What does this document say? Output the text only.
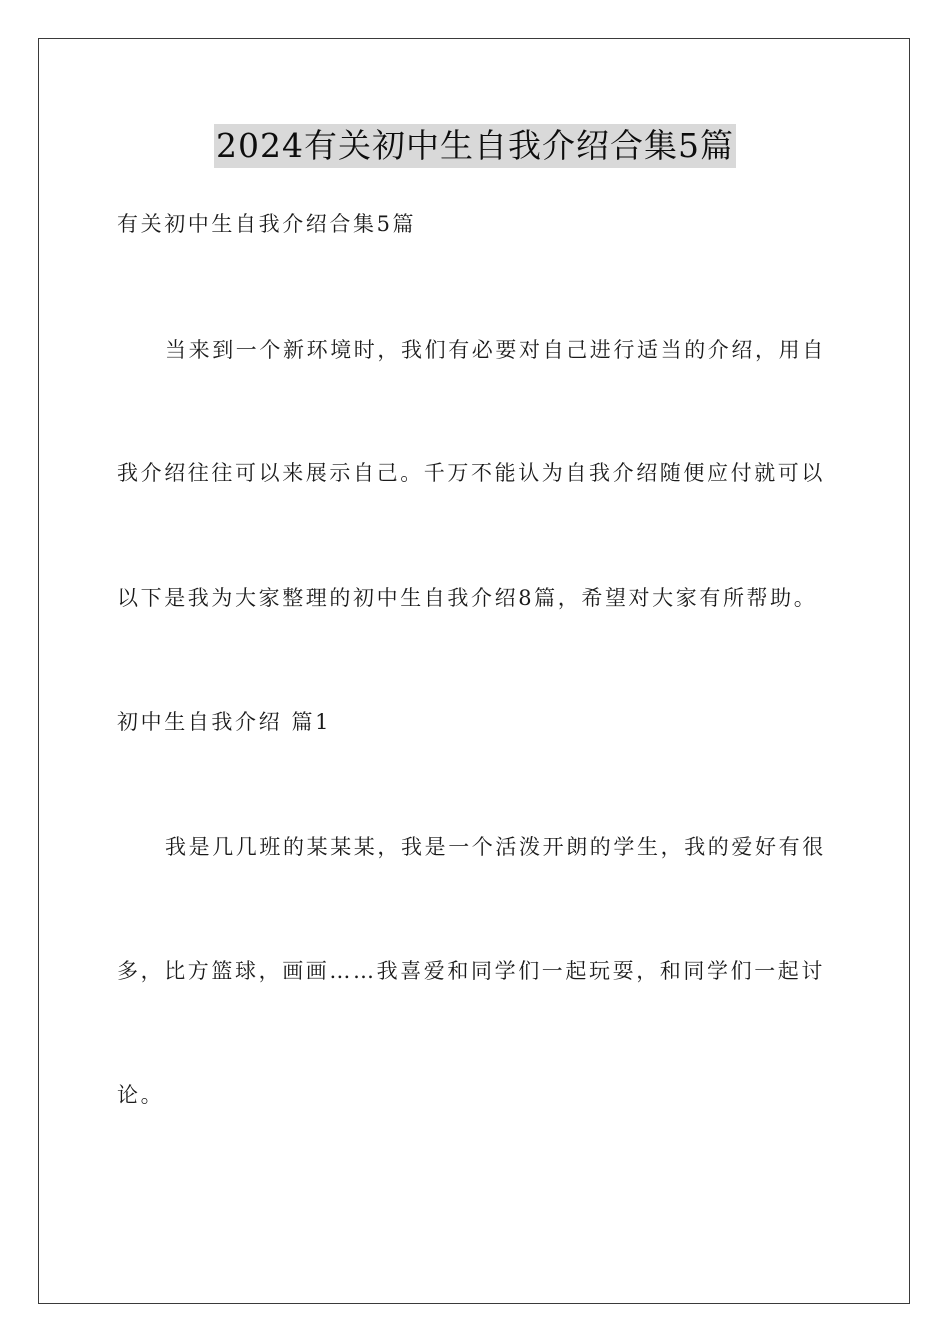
2024有关初中生自我介绍合集5篇
有关初中生自我介绍合集5篇
当来到一个新环境时，我们有必要对自己进行适当的介绍，用自
我介绍往往可以来展示自己。千万不能认为自我介绍随便应付就可以
以下是我为大家整理的初中生自我介绍8篇，希望对大家有所帮助。
初中生自我介绍 篇1
我是几几班的某某某，我是一个活泼开朗的学生，我的爱好有很
多，比方篮球，画画……我喜爱和同学们一起玩耍，和同学们一起讨
论。
